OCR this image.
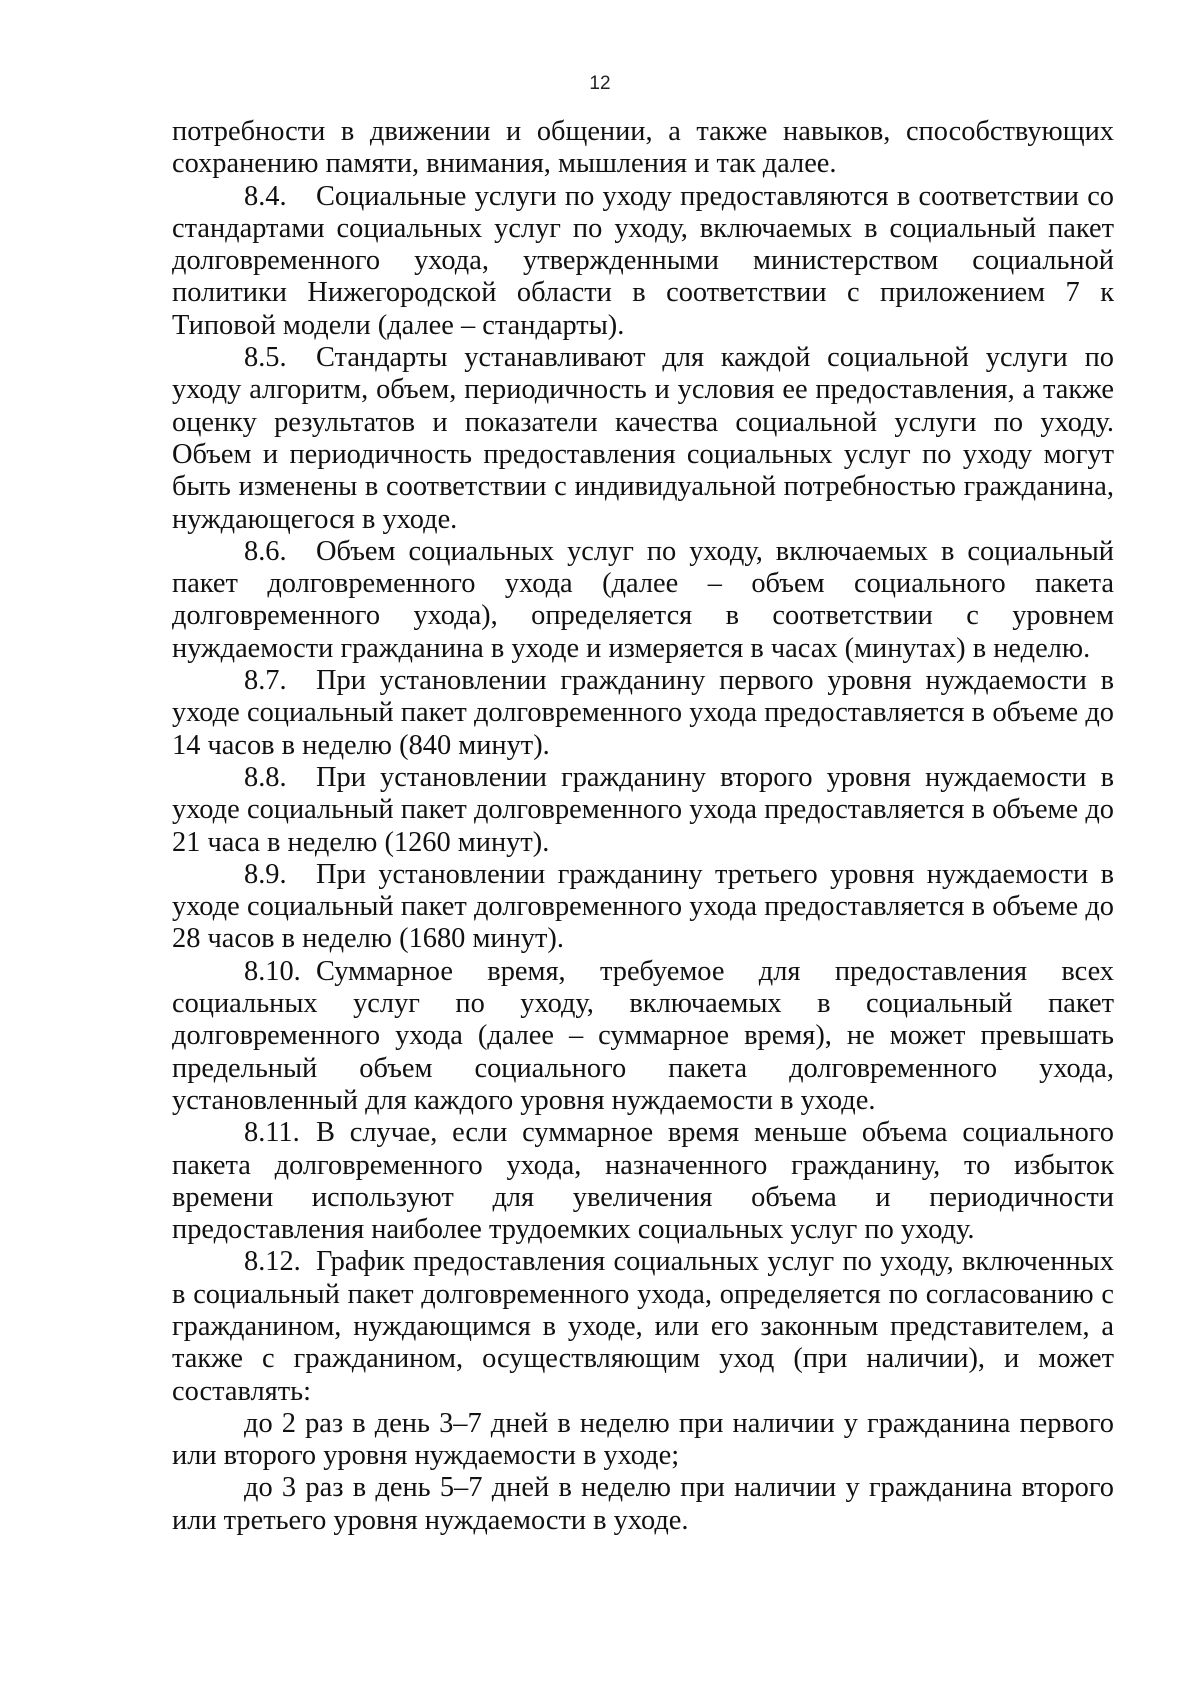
12

потребности в движении и общении, а также навыков, способствующих сохранению памяти, внимания, мышления и так далее.

8.4. Социальные услуги по уходу предоставляются в соответствии со стандартами социальных услуг по уходу, включаемых в социальный пакет долговременного ухода, утвержденными министерством социальной политики Нижегородской области в соответствии с приложением 7 к Типовой модели (далее – стандарты).

8.5. Стандарты устанавливают для каждой социальной услуги по уходу алгоритм, объем, периодичность и условия ее предоставления, а также оценку результатов и показатели качества социальной услуги по уходу. Объем и периодичность предоставления социальных услуг по уходу могут быть изменены в соответствии с индивидуальной потребностью гражданина, нуждающегося в уходе.

8.6. Объем социальных услуг по уходу, включаемых в социальный пакет долговременного ухода (далее – объем социального пакета долговременного ухода), определяется в соответствии с уровнем нуждаемости гражданина в уходе и измеряется в часах (минутах) в неделю.

8.7. При установлении гражданину первого уровня нуждаемости в уходе социальный пакет долговременного ухода предоставляется в объеме до 14 часов в неделю (840 минут).

8.8. При установлении гражданину второго уровня нуждаемости в уходе социальный пакет долговременного ухода предоставляется в объеме до 21 часа в неделю (1260 минут).

8.9. При установлении гражданину третьего уровня нуждаемости в уходе социальный пакет долговременного ухода предоставляется в объеме до 28 часов в неделю (1680 минут).

8.10. Суммарное время, требуемое для предоставления всех социальных услуг по уходу, включаемых в социальный пакет долговременного ухода (далее – суммарное время), не может превышать предельный объем социального пакета долговременного ухода, установленный для каждого уровня нуждаемости в уходе.

8.11. В случае, если суммарное время меньше объема социального пакета долговременного ухода, назначенного гражданину, то избыток времени используют для увеличения объема и периодичности предоставления наиболее трудоемких социальных услуг по уходу.

8.12. График предоставления социальных услуг по уходу, включенных в социальный пакет долговременного ухода, определяется по согласованию с гражданином, нуждающимся в уходе, или его законным представителем, а также с гражданином, осуществляющим уход (при наличии), и может составлять:

до 2 раз в день 3–7 дней в неделю при наличии у гражданина первого или второго уровня нуждаемости в уходе;

до 3 раз в день 5–7 дней в неделю при наличии у гражданина второго или третьего уровня нуждаемости в уходе.
